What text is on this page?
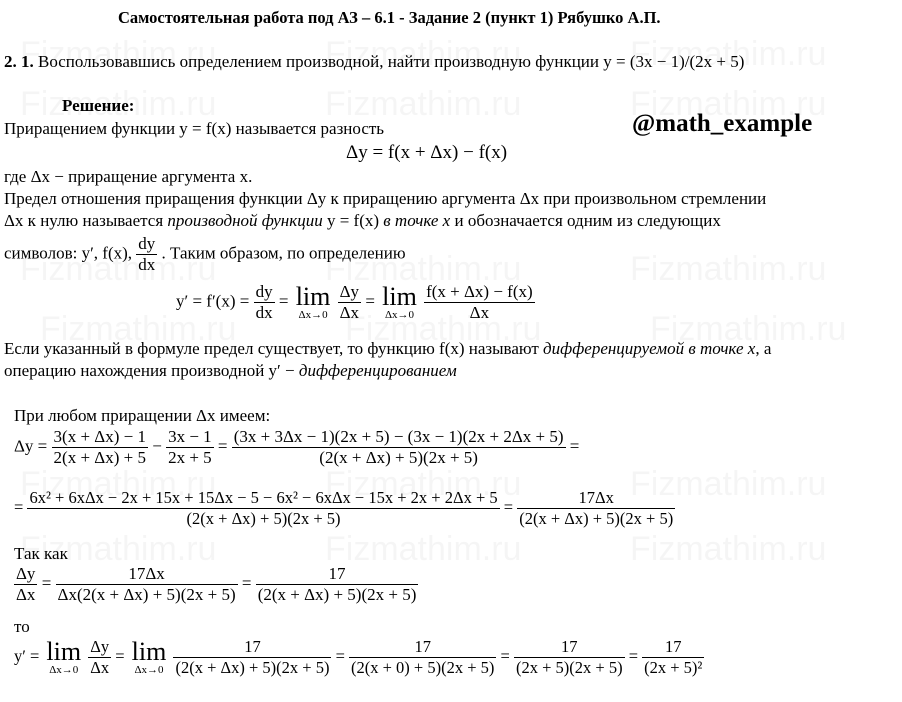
Самостоятельная работа под АЗ – 6.1 - Задание 2 (пункт 1) Рябушко А.П.
2. 1. Воспользовавшись определением производной, найти производную функции y = (3x − 1)/(2x + 5)
Решение:
@math_example
Приращением функции y = f(x) называется разность
Δy = f(x + Δx) − f(x)
где Δx − приращение аргумента x.
Предел отношения приращения функции Δy к приращению аргумента Δx при произвольном стремлении
Δx к нулю называется производной функции y = f(x) в точке x и обозначается одним из следующих
символов: y′, f(x), $\frac{dy}{dx}$ . Таким образом, по определению
$y' = f'(x) = \frac{dy}{dx} = \lim$
Δx→0
$\frac{\Delta y}{\Delta x} = \lim$
Δx→0
$\frac{f(x + \Delta x) - f(x)}{\Delta x}$
Если указанный в формуле предел существует, то функцию f(x) называют дифференцируемой в точке x, а
операцию нахождения производной y′ − дифференцированием
При любом приращении Δx имеем:
$\Delta y = \frac{3(x + \Delta x) - 1}{2(x + \Delta x) + 5} - \frac{3x - 1}{2x + 5} = \frac{(3x + 3\Delta x - 1)(2x + 5) - (3x - 1)(2x + 2\Delta x + 5)}{(2(x + \Delta x) + 5)(2x + 5)}$ =
= 6x² + 6xΔx − 2x + 15x + 15Δx − 5 − 6x² − 6xΔx − 15x + 2x + 2Δx + 5
(2(x + Δx) + 5)(2x + 5)
= $\frac{17\Delta x}{(2(x + \Delta x) + 5)(2x + 5)}$
Так как
$\frac{\Delta y}{\Delta x} = \frac{17\Delta x}{\Delta x(2(x + \Delta x) + 5)(2x + 5)} = \frac{17}{(2(x + \Delta x) + 5)(2x + 5)}$
то
y′ = lim
Δx→0
$\frac{\Delta y}{\Delta x} = \lim$
Δx→0
$\frac{17}{(2(x + \Delta x) + 5)(2x + 5)} = \frac{17}{(2(x + 0) + 5)(2x + 5)} = \frac{17}{(2x + 5)(2x + 5)} = \frac{17}{\text{(2x + 5)²}}$
